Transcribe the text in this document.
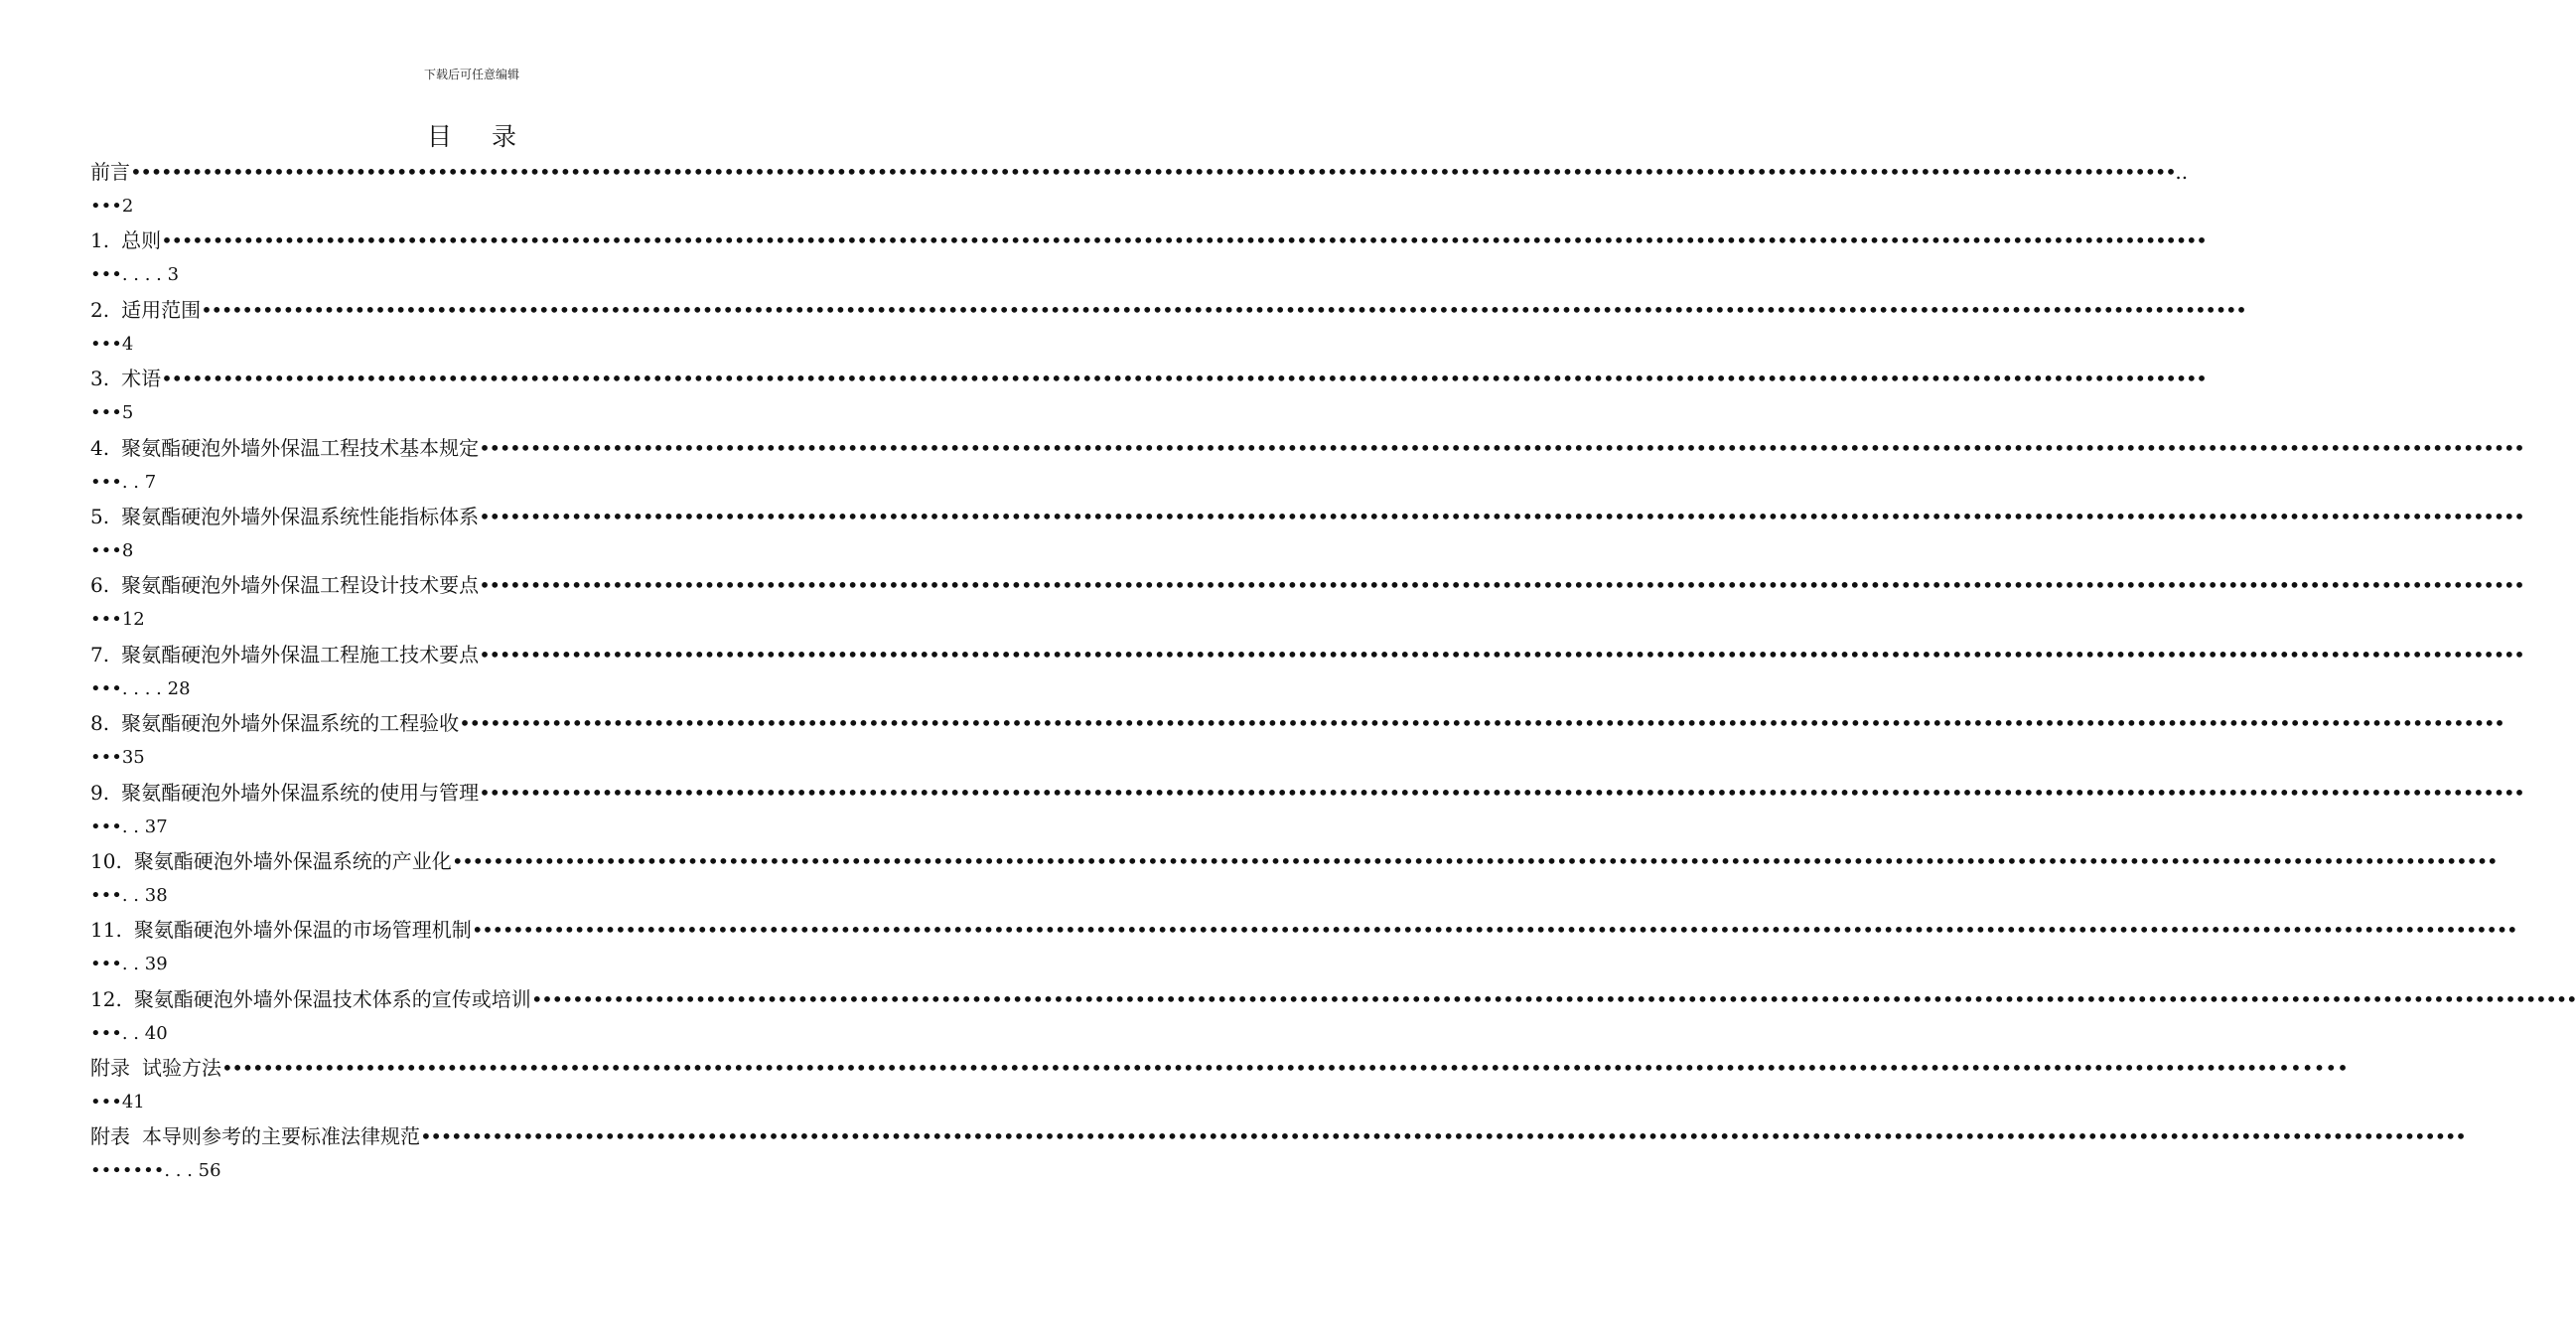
下载后可任意编辑
目 录
前言 •••••••••••••••••••••••••••••••••••••••••••••••••••••••••••••••••••••••••••••••••••••••••••••••••••••••••••••••••••••••••••••••••••••••••••••••••••••••••••••••••••••••••••••••••••••••••••••••••••••••• ..
•••2
1. 总则 ••••••••••••••••••••••••••••••••••••••••••••••••••••••••••••••••••••••••••••••••••••••••••••••••••••••••••••••••••••••••••••••••••••••••••••••••••••••••••••••••••••••••••••••••••••••••••••••••••••••••
•••. . . . 3
2. 适用范围 ••••••••••••••••••••••••••••••••••••••••••••••••••••••••••••••••••••••••••••••••••••••••••••••••••••••••••••••••••••••••••••••••••••••••••••••••••••••••••••••••••••••••••••••••••••••••••••••••••••••••
•••4
3. 术语 ••••••••••••••••••••••••••••••••••••••••••••••••••••••••••••••••••••••••••••••••••••••••••••••••••••••••••••••••••••••••••••••••••••••••••••••••••••••••••••••••••••••••••••••••••••••••••••••••••••••••
•••5
4. 聚氨酯硬泡外墙外保温工程技术基本规定 ••••••••••••••••••••••••••••••••••••••••••••••••••••••••••••••••••••••••••••••••••••••••••••••••••••••••••••••••••••••••••••••••••••••••••••••••••••••••••••••••••••••••••••••••••••••••••••••••••••••••
•••. . 7
5. 聚氨酯硬泡外墙外保温系统性能指标体系 ••••••••••••••••••••••••••••••••••••••••••••••••••••••••••••••••••••••••••••••••••••••••••••••••••••••••••••••••••••••••••••••••••••••••••••••••••••••••••••••••••••••••••••••••••••••••••••••••••••••••
•••8
6. 聚氨酯硬泡外墙外保温工程设计技术要点 ••••••••••••••••••••••••••••••••••••••••••••••••••••••••••••••••••••••••••••••••••••••••••••••••••••••••••••••••••••••••••••••••••••••••••••••••••••••••••••••••••••••••••••••••••••••••••••••••••••••••
•••12
7. 聚氨酯硬泡外墙外保温工程施工技术要点 ••••••••••••••••••••••••••••••••••••••••••••••••••••••••••••••••••••••••••••••••••••••••••••••••••••••••••••••••••••••••••••••••••••••••••••••••••••••••••••••••••••••••••••••••••••••••••••••••••••••••
•••. . . . 28
8. 聚氨酯硬泡外墙外保温系统的工程验收 ••••••••••••••••••••••••••••••••••••••••••••••••••••••••••••••••••••••••••••••••••••••••••••••••••••••••••••••••••••••••••••••••••••••••••••••••••••••••••••••••••••••••••••••••••••••••••••••••••••••••
•••35
9. 聚氨酯硬泡外墙外保温系统的使用与管理 ••••••••••••••••••••••••••••••••••••••••••••••••••••••••••••••••••••••••••••••••••••••••••••••••••••••••••••••••••••••••••••••••••••••••••••••••••••••••••••••••••••••••••••••••••••••••••••••••••••••••
•••. . 37
10. 聚氨酯硬泡外墙外保温系统的产业化 ••••••••••••••••••••••••••••••••••••••••••••••••••••••••••••••••••••••••••••••••••••••••••••••••••••••••••••••••••••••••••••••••••••••••••••••••••••••••••••••••••••••••••••••••••••••••••••••••••••••••
•••. . 38
11. 聚氨酯硬泡外墙外保温的市场管理机制 ••••••••••••••••••••••••••••••••••••••••••••••••••••••••••••••••••••••••••••••••••••••••••••••••••••••••••••••••••••••••••••••••••••••••••••••••••••••••••••••••••••••••••••••••••••••••••••••••••••••••
•••. . 39
12. 聚氨酯硬泡外墙外保温技术体系的宣传或培训 ••••••••••••••••••••••••••••••••••••••••••••••••••••••••••••••••••••••••••••••••••••••••••••••••••••••••••••••••••••••••••••••••••••••••••••••••••••••••••••••••••••••••••••••••••••••••••••••••••••••••
•••. . 40
附录 试验方法 •••••••••••••••••••••••••••••••••••••••••••••••••••••••••••••••••••••••••••••••••••••••••••••••••••••••••••••••••••••••••••••••••••••••••••••••••••••••••••••••••••••••••••••••••••••••••••••••••••••••• •••••••
•••41
附表 本导则参考的主要标准法律规范 ••••••••••••••••••••••••••••••••••••••••••••••••••••••••••••••••••••••••••••••••••••••••••••••••••••••••••••••••••••••••••••••••••••••••••••••••••••••••••••••••••••••••••••••••••••••••••••••••••••••••
•••••••. . . 56
